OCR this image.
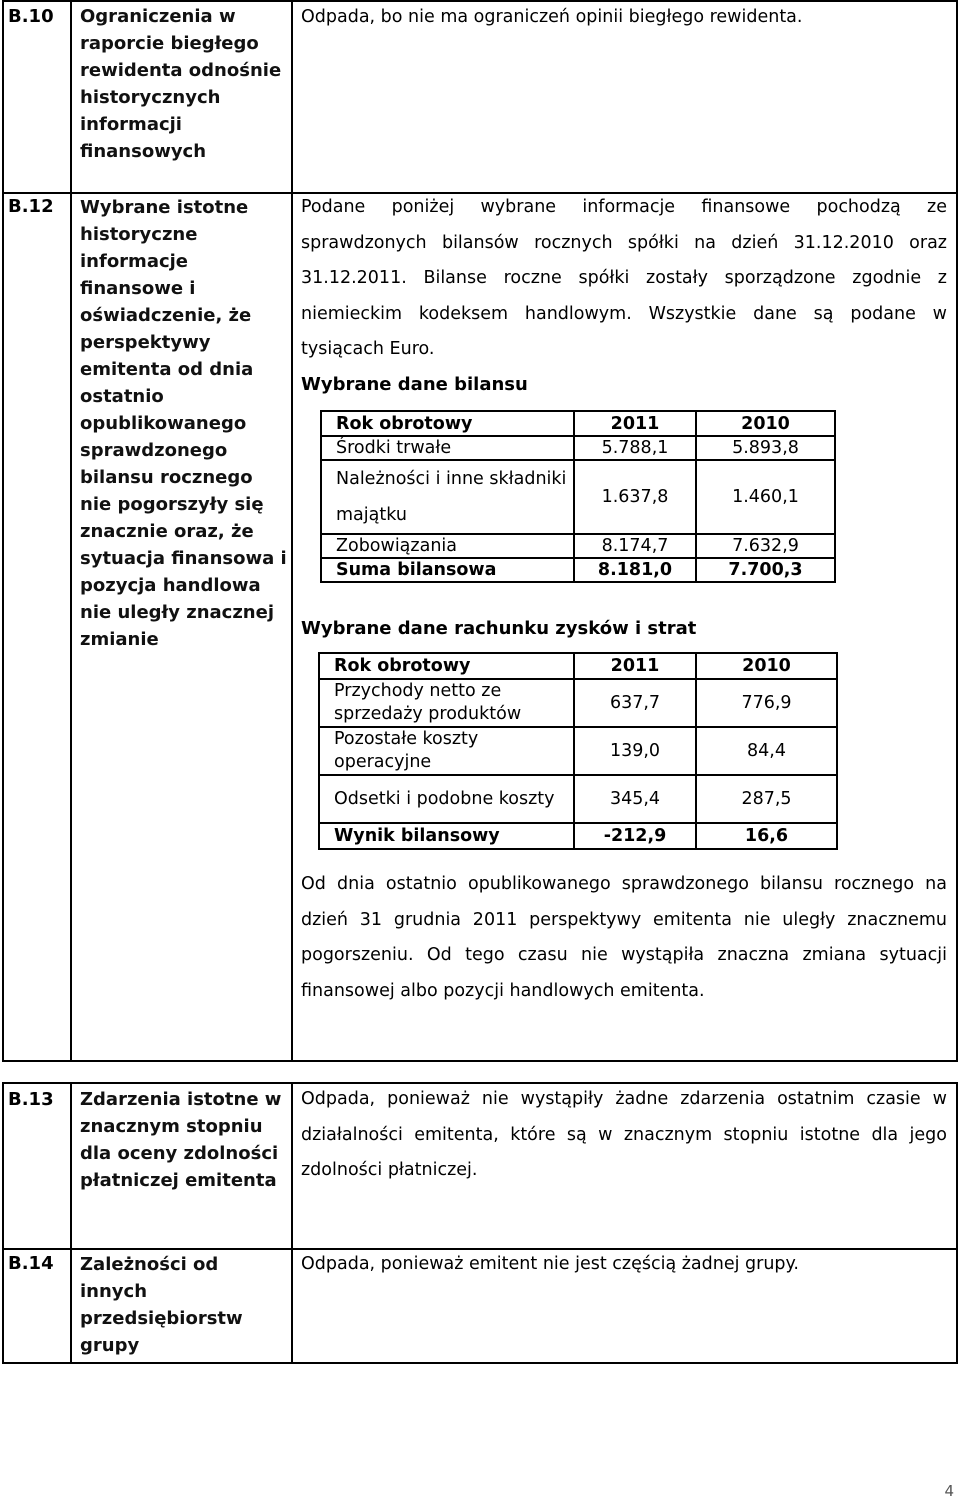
B.10	Ograniczenia w raporcie biegłego rewidenta odnośnie historycznych informacji finansowych
Odpada, bo nie ma ograniczeń opinii biegłego rewidenta.
B.12	Wybrane istotne historyczne informacje finansowe i oświadczenie, że perspektywy emitenta od dnia ostatnio opublikowanego sprawdzonego bilansu rocznego nie pogorszyły się znacznie oraz, że sytuacja finansowa i pozycja handlowa nie uległy znacznej zmianie
Podane poniżej wybrane informacje finansowe pochodzą ze sprawdzonych bilansów rocznych spółki na dzień 31.12.2010 oraz 31.12.2011. Bilanse roczne spółki zostały sporządzone zgodnie z niemieckim kodeksem handlowym. Wszystkie dane są podane w tysiącach Euro.
Wybrane dane bilansu
Rok obrotowy	2011	2010
Środki trwałe	5.788,1	5.893,8
Należności i inne składniki majątku	1.637,8	1.460,1
Zobowiązania	8.174,7	7.632,9
Suma bilansowa	8.181,0	7.700,3
Wybrane dane rachunku zysków i strat
Rok obrotowy	2011	2010
Przychody netto ze sprzedaży produktów	637,7	776,9
Pozostałe koszty operacyjne	139,0	84,4
Odsetki i podobne koszty	345,4	287,5
Wynik bilansowy	-212,9	16,6
Od dnia ostatnio opublikowanego sprawdzonego bilansu rocznego na dzień 31 grudnia 2011 perspektywy emitenta nie uległy znacznemu pogorszeniu. Od tego czasu nie wystąpiła znaczna zmiana sytuacji finansowej albo pozycji handlowych emitenta.
B.13	Zdarzenia istotne w znacznym stopniu dla oceny zdolności płatniczej emitenta
Odpada, ponieważ nie wystąpiły żadne zdarzenia ostatnim czasie w działalności emitenta, które są w znacznym stopniu istotne dla jego zdolności płatniczej.
B.14	Zależności od innych przedsiębiorstw grupy
Odpada, ponieważ emitent nie jest częścią żadnej grupy.
4
